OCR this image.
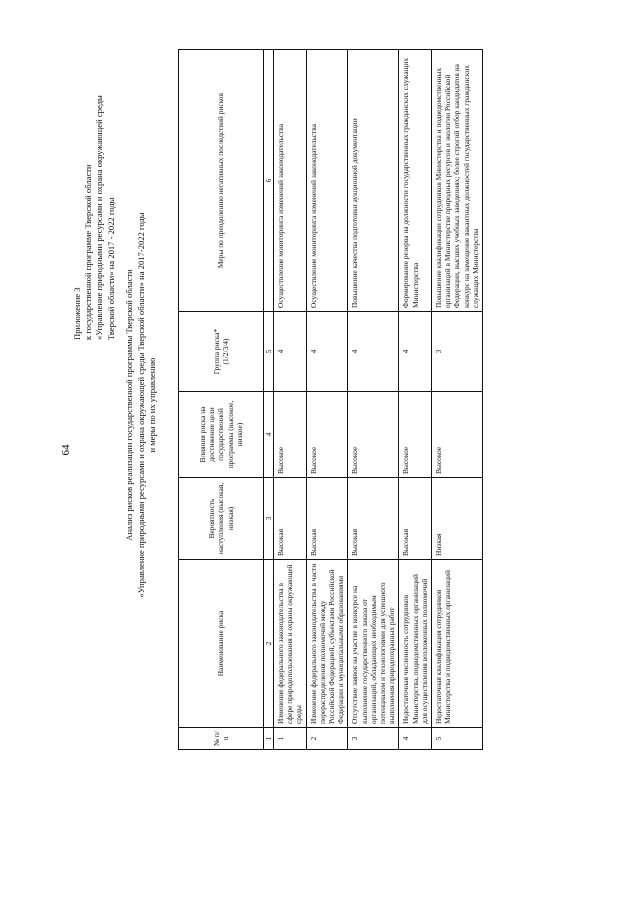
64
Приложение 3 к государственной программе Тверской области «Управление природными ресурсами и охрана окружающей среды Тверской области» на 2017 - 2022 годы
Анализ рисков реализации государственной программы Тверской области «Управление природными ресурсами и охрана окружающей среды Тверской области» на 2017-2022 годы и меры по их управлению
№ п/п	Наименование риска	Вероятность наступления (высокая, низкая)	Влияния риска на достижение цели государственной программы (высокое, низкое)	Группа риска* (1/2/3/4)	Меры по преодолению негативных последствий рисков
1	2	3	4	5	6
1	Изменение федерального законодательства в сфере природопользования и охраны окружающей среды	Высокая	Высокое	4	Осуществление мониторинга изменений законодательства
2	Изменение федерального законодательства в части перераспределения полномочий между Российской Федерацией, субъектами Российской Федерации и муниципальными образованиями	Высокая	Высокое	4	Осуществление мониторинга изменений законодательства
3	Отсутствие заявок на участие в конкурсе на выполнение государственного заказа от организаций, обладающих необходимым потенциалом и технологиями для успешного выполнения природоохранных работ	Высокая	Высокое	4	Повышение качества подготовки аукционной документации
4	Недостаточная численность сотрудников Министерства, подведомственных организаций для осуществления возложенных полномочий	Высокая	Высокое	4	Формирование резерва на должности государственных гражданских служащих Министерства
5	Недостаточная квалификация сотрудников Министерства и подведомственных организаций	Низкая	Высокое	3	Повышение квалификации сотрудников Министерства и подведомственных организаций в Министерстве природных ресурсов и экологии Российской Федерации, высших учебных заведениях; более строгий отбор кандидатов на конкурс на замещение вакантных должностей государственных гражданских служащих Министерства
